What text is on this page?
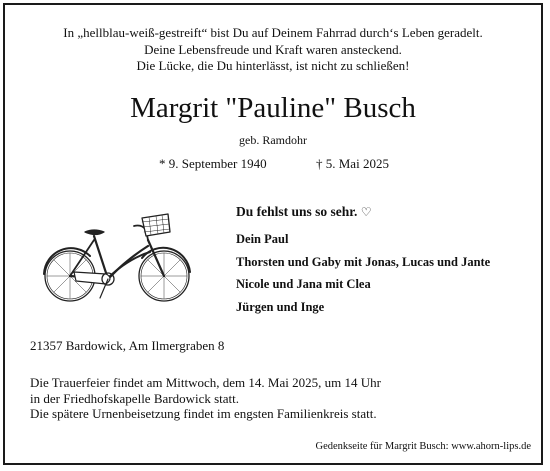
In „hellblau-weiß-gestreift“ bist Du auf Deinem Fahrrad durch‘s Leben geradelt.
Deine Lebensfreude und Kraft waren ansteckend.
Die Lücke, die Du hinterlässt, ist nicht zu schließen!
Margrit "Pauline" Busch
geb. Ramdohr
* 9. September 1940	† 5. Mai 2025
Du fehlst uns so sehr. ♡
Dein Paul
Thorsten und Gaby mit Jonas, Lucas und Jante
Nicole und Jana mit Clea
Jürgen und Inge
21357 Bardowick, Am Ilmergraben 8
Die Trauerfeier findet am Mittwoch, dem 14. Mai 2025, um 14 Uhr
in der Friedhofskapelle Bardowick statt.
Die spätere Urnenbeisetzung findet im engsten Familienkreis statt.
Gedenkseite für Margrit Busch: www.ahorn-lips.de
